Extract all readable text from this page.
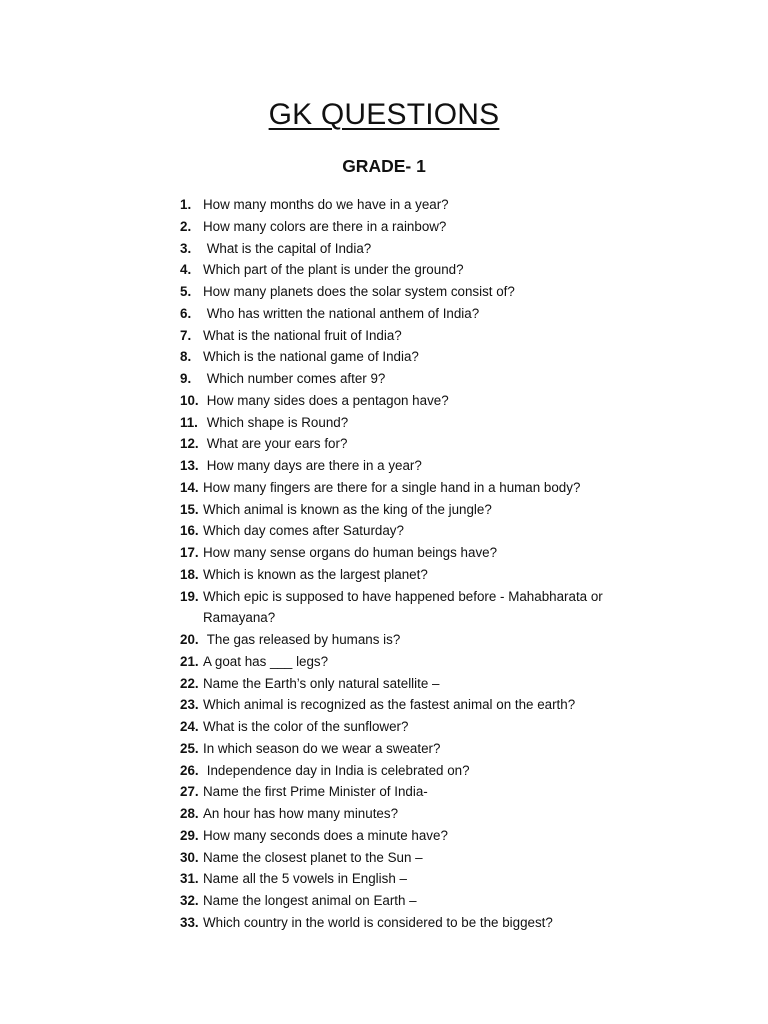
GK QUESTIONS
GRADE- 1
1. How many months do we have in a year?
2. How many colors are there in a rainbow?
3. What is the capital of India?
4. Which part of the plant is under the ground?
5. How many planets does the solar system consist of?
6. Who has written the national anthem of India?
7. What is the national fruit of India?
8. Which is the national game of India?
9. Which number comes after 9?
10. How many sides does a pentagon have?
11. Which shape is Round?
12. What are your ears for?
13. How many days are there in a year?
14. How many fingers are there for a single hand in a human body?
15. Which animal is known as the king of the jungle?
16. Which day comes after Saturday?
17. How many sense organs do human beings have?
18. Which is known as the largest planet?
19. Which epic is supposed to have happened before - Mahabharata or Ramayana?
20. The gas released by humans is?
21. A goat has ___ legs?
22. Name the Earth’s only natural satellite –
23. Which animal is recognized as the fastest animal on the earth?
24. What is the color of the sunflower?
25. In which season do we wear a sweater?
26. Independence day in India is celebrated on?
27. Name the first Prime Minister of India-
28. An hour has how many minutes?
29. How many seconds does a minute have?
30. Name the closest planet to the Sun –
31. Name all the 5 vowels in English –
32. Name the longest animal on Earth –
33. Which country in the world is considered to be the biggest?
